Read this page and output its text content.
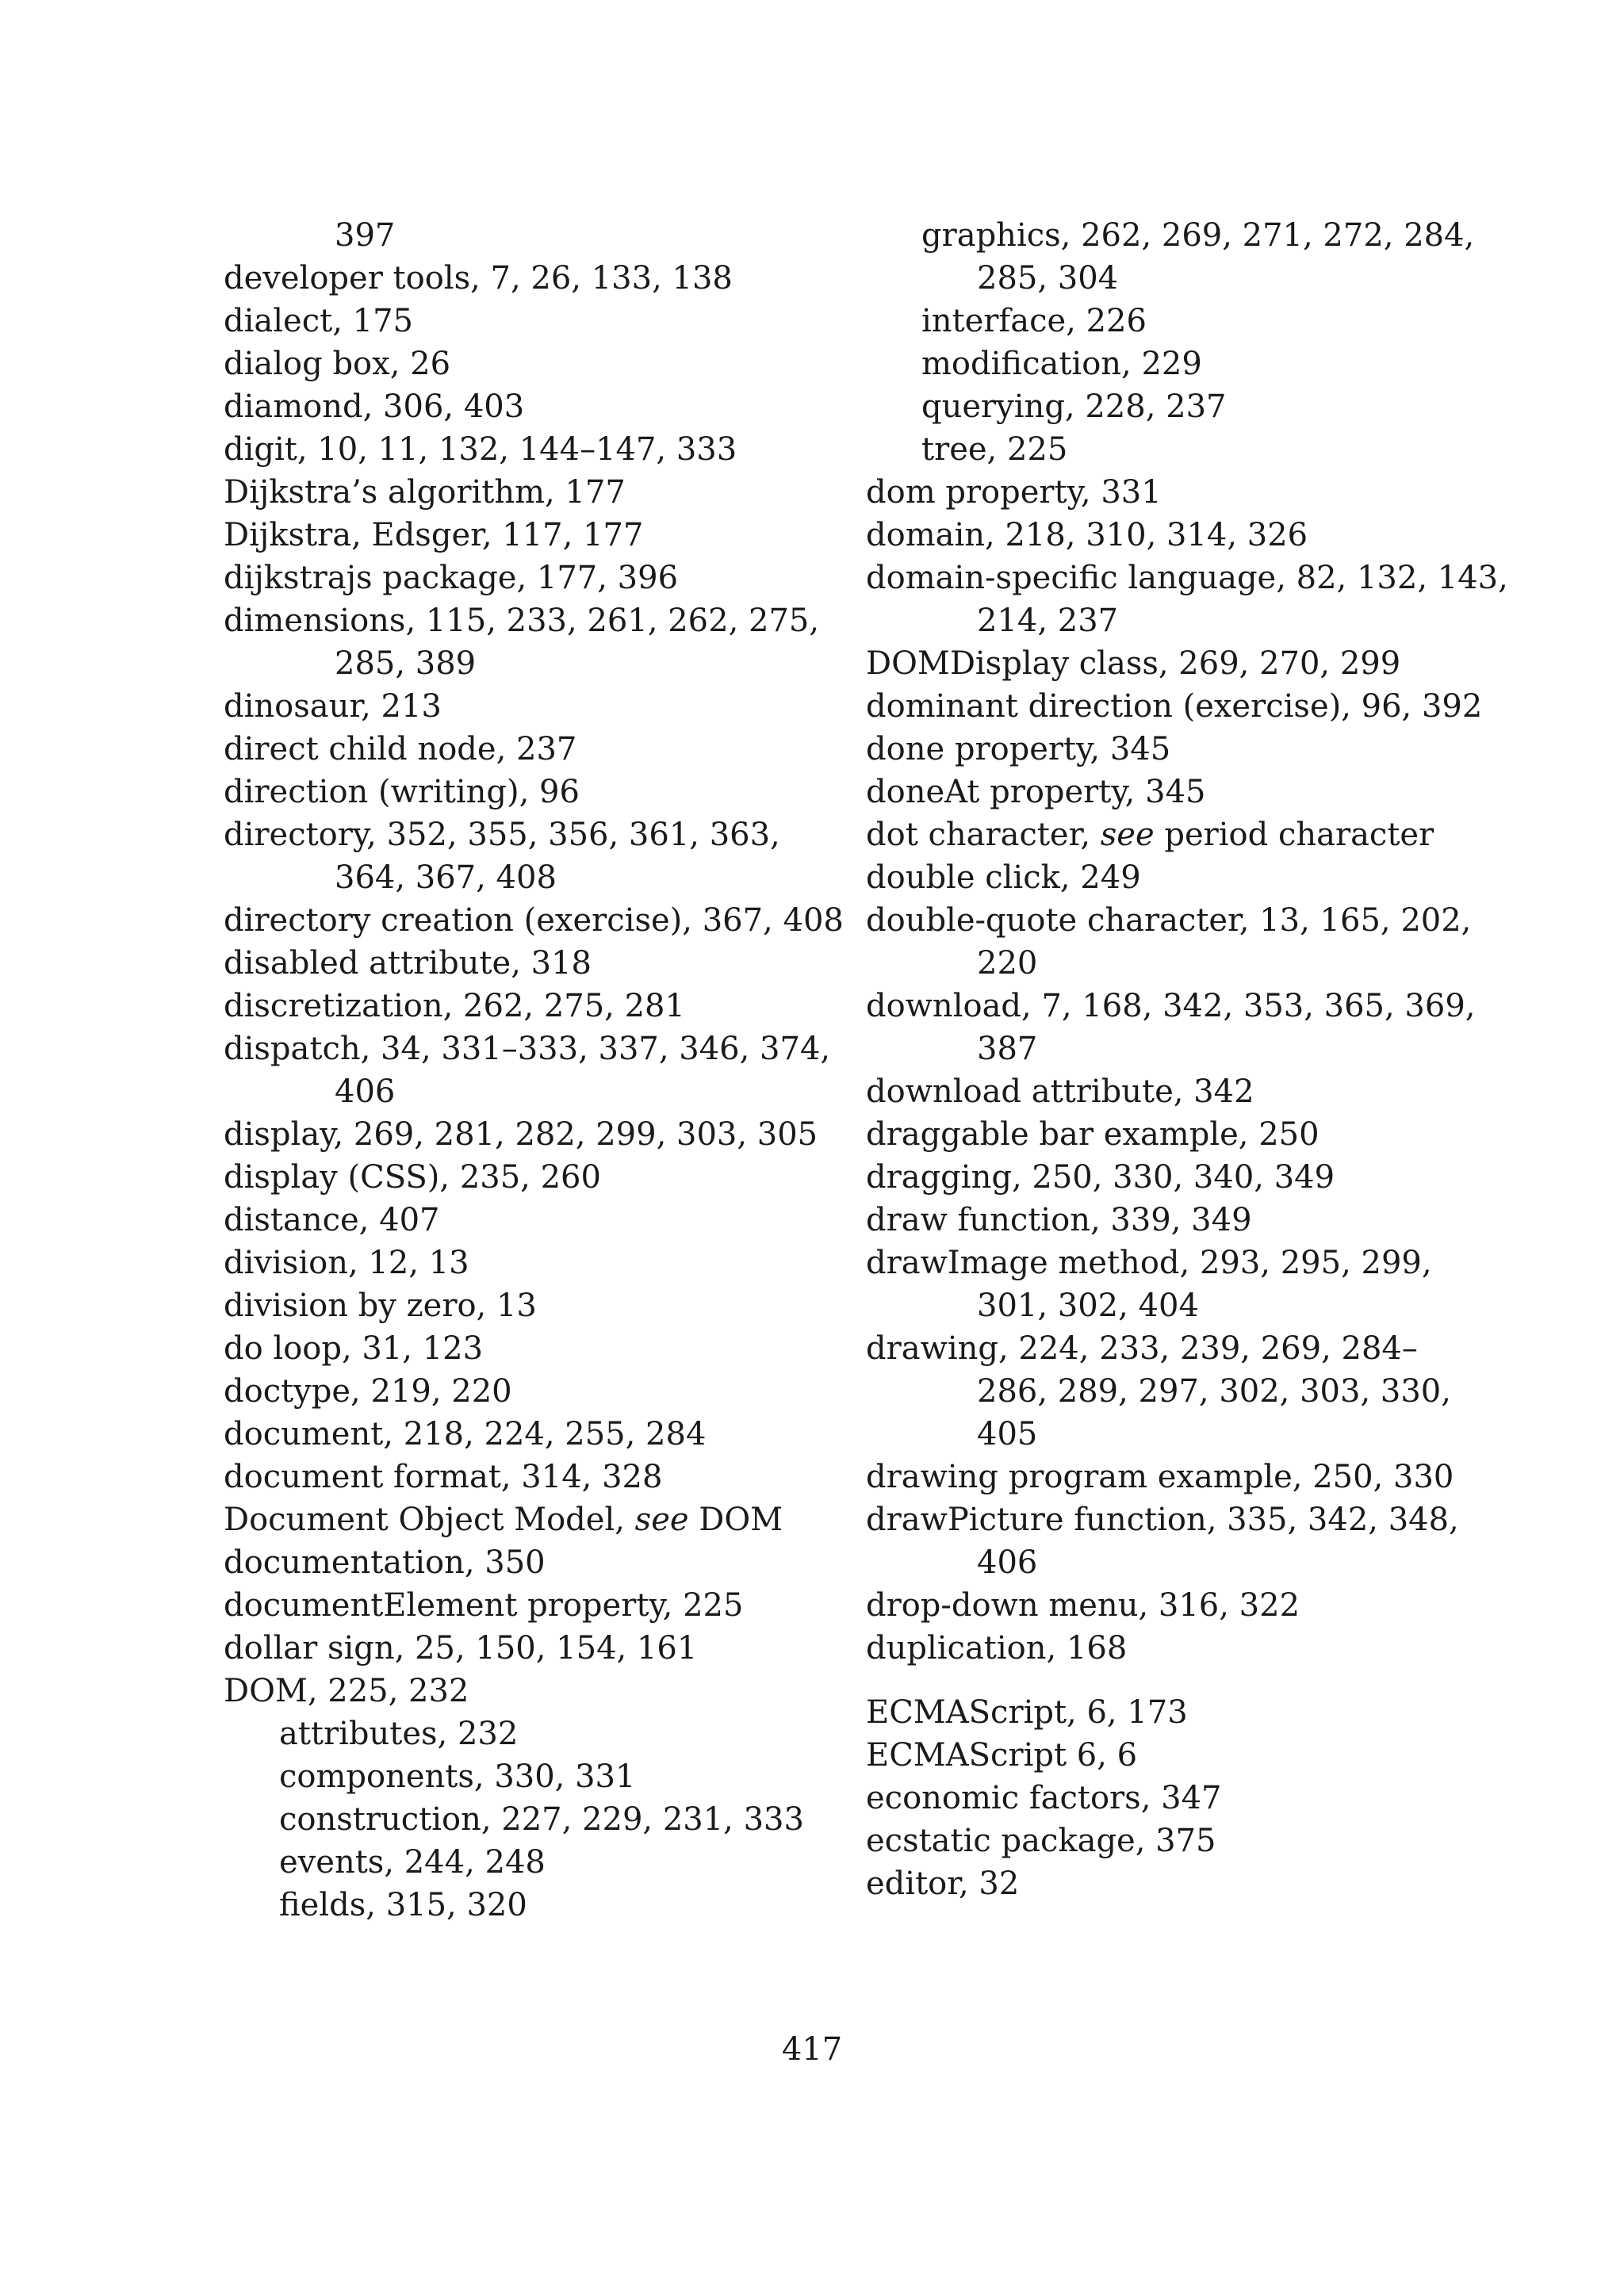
397
developer tools, 7, 26, 133, 138
dialect, 175
dialog box, 26
diamond, 306, 403
digit, 10, 11, 132, 144–147, 333
Dijkstra’s algorithm, 177
Dijkstra, Edsger, 117, 177
dijkstrajs package, 177, 396
dimensions, 115, 233, 261, 262, 275,
285, 389
dinosaur, 213
direct child node, 237
direction (writing), 96
directory, 352, 355, 356, 361, 363,
364, 367, 408
directory creation (exercise), 367, 408
disabled attribute, 318
discretization, 262, 275, 281
dispatch, 34, 331–333, 337, 346, 374,
406
display, 269, 281, 282, 299, 303, 305
display (CSS), 235, 260
distance, 407
division, 12, 13
division by zero, 13
do loop, 31, 123
doctype, 219, 220
document, 218, 224, 255, 284
document format, 314, 328
Document Object Model, see DOM
documentation, 350
documentElement property, 225
dollar sign, 25, 150, 154, 161
DOM, 225, 232
attributes, 232
components, 330, 331
construction, 227, 229, 231, 333
events, 244, 248
fields, 315, 320
graphics, 262, 269, 271, 272, 284,
285, 304
interface, 226
modification, 229
querying, 228, 237
tree, 225
dom property, 331
domain, 218, 310, 314, 326
domain-specific language, 82, 132, 143,
214, 237
DOMDisplay class, 269, 270, 299
dominant direction (exercise), 96, 392
done property, 345
doneAt property, 345
dot character, see period character
double click, 249
double-quote character, 13, 165, 202,
220
download, 7, 168, 342, 353, 365, 369,
387
download attribute, 342
draggable bar example, 250
dragging, 250, 330, 340, 349
draw function, 339, 349
drawImage method, 293, 295, 299,
301, 302, 404
drawing, 224, 233, 239, 269, 284–
286, 289, 297, 302, 303, 330,
405
drawing program example, 250, 330
drawPicture function, 335, 342, 348,
406
drop-down menu, 316, 322
duplication, 168
ECMAScript, 6, 173
ECMAScript 6, 6
economic factors, 347
ecstatic package, 375
editor, 32
417
